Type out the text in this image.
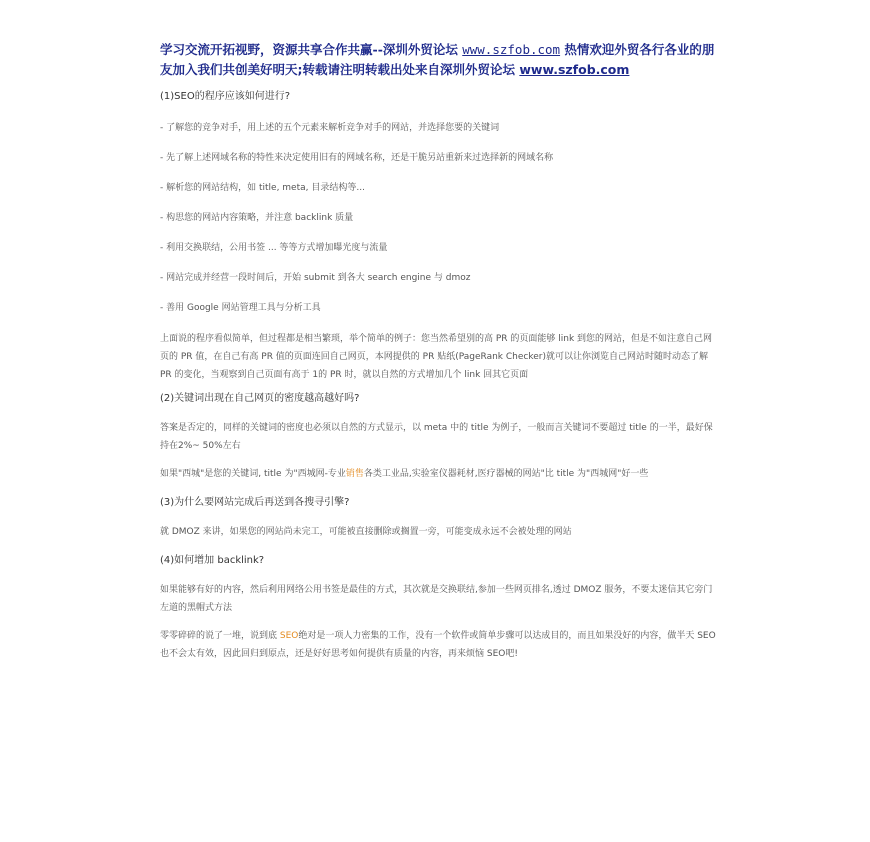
学习交流开拓视野，资源共享合作共赢--深圳外贸论坛 www.szfob.com 热情欢迎外贸各行各业的朋友加入我们共创美好明天;转载请注明转载出处来自深圳外贸论坛 www.szfob.com

(1)SEO的程序应该如何进行?

- 了解您的竞争对手，用上述的五个元素来解析竞争对手的网站，并选择您要的关键词

- 先了解上述网域名称的特性来决定使用旧有的网域名称，还是干脆另站重新来过选择新的网域名称

- 解析您的网站结构，如 title, meta, 目录结构等...

- 构思您的网站内容策略，并注意 backlink 质量

- 利用交换联结，公用书签 ... 等等方式增加曝光度与流量

- 网站完成并经营一段时间后，开始 submit 到各大 search engine 与 dmoz

- 善用 Google 网站管理工具与分析工具

上面说的程序看似简单，但过程都是相当繁琐，举个简单的例子：您当然希望别的高 PR 的页面能够 link 到您的网站，但是不如注意自己网页的 PR 值，在自己有高 PR 值的页面连回自己网页，本网提供的 PR 贴纸(PageRank Checker)就可以让你浏览自己网站时随时动态了解 PR 的变化，当观察到自己页面有高于 1的 PR 时，就以自然的方式增加几个 link 回其它页面

(2)关键词出现在自己网页的密度越高越好吗?

答案是否定的，同样的关键词的密度也必须以自然的方式显示，以 meta 中的 title 为例子，一般而言关键词不要超过 title 的一半，最好保持在2%~ 50%左右

如果"西城"是您的关键词, title 为"西城网-专业销售各类工业品,实验室仪器耗材,医疗器械的网站"比 title 为"西城网"好一些

(3)为什么要网站完成后再送到各搜寻引擎?

就 DMOZ 来讲，如果您的网站尚未完工，可能被直接删除或搁置一旁，可能变成永远不会被处理的网站

(4)如何增加 backlink?

如果能够有好的内容，然后利用网络公用书签是最佳的方式，其次就是交换联结,参加一些网页排名,透过 DMOZ 服务，不要太迷信其它旁门左道的黑帽式方法

零零碎碎的说了一堆，说到底 SEO绝对是一项人力密集的工作，没有一个软件或简单步骤可以达成目的，而且如果没好的内容，做半天 SEO也不会太有效，因此回归到原点，还是好好思考如何提供有质量的内容，再来烦恼 SEO吧!
